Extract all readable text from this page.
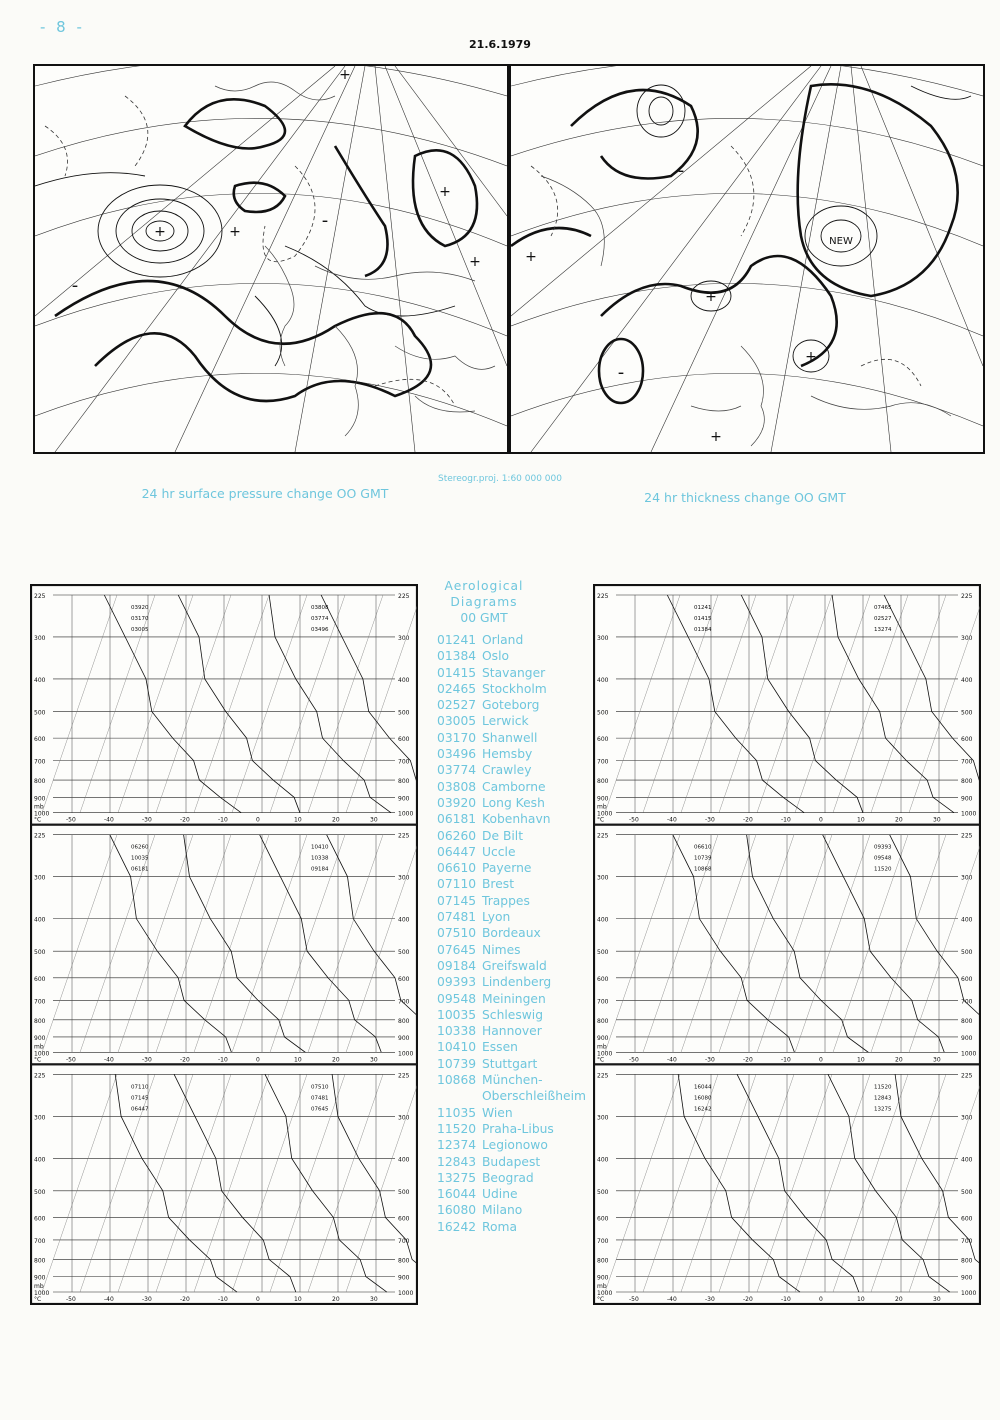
- 8 -
21.6.1979
+
+
+
+
+
-
-
+
+
+
+
-
-
NEW
24 hr surface pressure change OO GMT
Stereogr.proj. 1:60 000 000
24 hr thickness change OO GMT
225	225
300	300
400	400
500	500
600	600
700	700
800	800
900	900
1000	1000
-50	-40	-30	-20	-10	0	10	20	30
°C
mb
03920
03170
03005
03808
03774
03496
225	225
300	300
400	400
500	500
600	600
700	700
800	800
900	900
1000	1000
-50	-40	-30	-20	-10	0	10	20	30
°C
mb
06260
10035
06181
10410
10338
09184
225	225
300	300
400	400
500	500
600	600
700	700
800	800
900	900
1000	1000
-50	-40	-30	-20	-10	0	10	20	30
°C
mb
07110
07145
06447
07510
07481
07645
225	225
300	300
400	400
500	500
600	600
700	700
800	800
900	900
1000	1000
-50	-40	-30	-20	-10	0	10	20	30
°C
mb
01241
01415
01384
07465
02527
13274
225	225
300	300
400	400
500	500
600	600
700	700
800	800
900	900
1000	1000
-50	-40	-30	-20	-10	0	10	20	30
°C
mb
06610
10739
10868
09393
09548
11520
225	225
300	300
400	400
500	500
600	600
700	700
800	800
900	900
1000	1000
-50	-40	-30	-20	-10	0	10	20	30
°C
mb
16044
16080
16242
11520
12843
13275
Aerological Diagrams
00 GMT
01241 Orland
01384 Oslo
01415 Stavanger
02465 Stockholm
02527 Goteborg
03005 Lerwick
03170 Shanwell
03496 Hemsby
03774 Crawley
03808 Camborne
03920 Long Kesh
06181 Kobenhavn
06260 De Bilt
06447 Uccle
06610 Payerne
07110 Brest
07145 Trappes
07481 Lyon
07510 Bordeaux
07645 Nimes
09184 Greifswald
09393 Lindenberg
09548 Meiningen
10035 Schleswig
10338 Hannover
10410 Essen
10739 Stuttgart
10868 München-
Oberschleißheim
11035 Wien
11520 Praha-Libus
12374 Legionowo
12843 Budapest
13275 Beograd
16044 Udine
16080 Milano
16242 Roma
